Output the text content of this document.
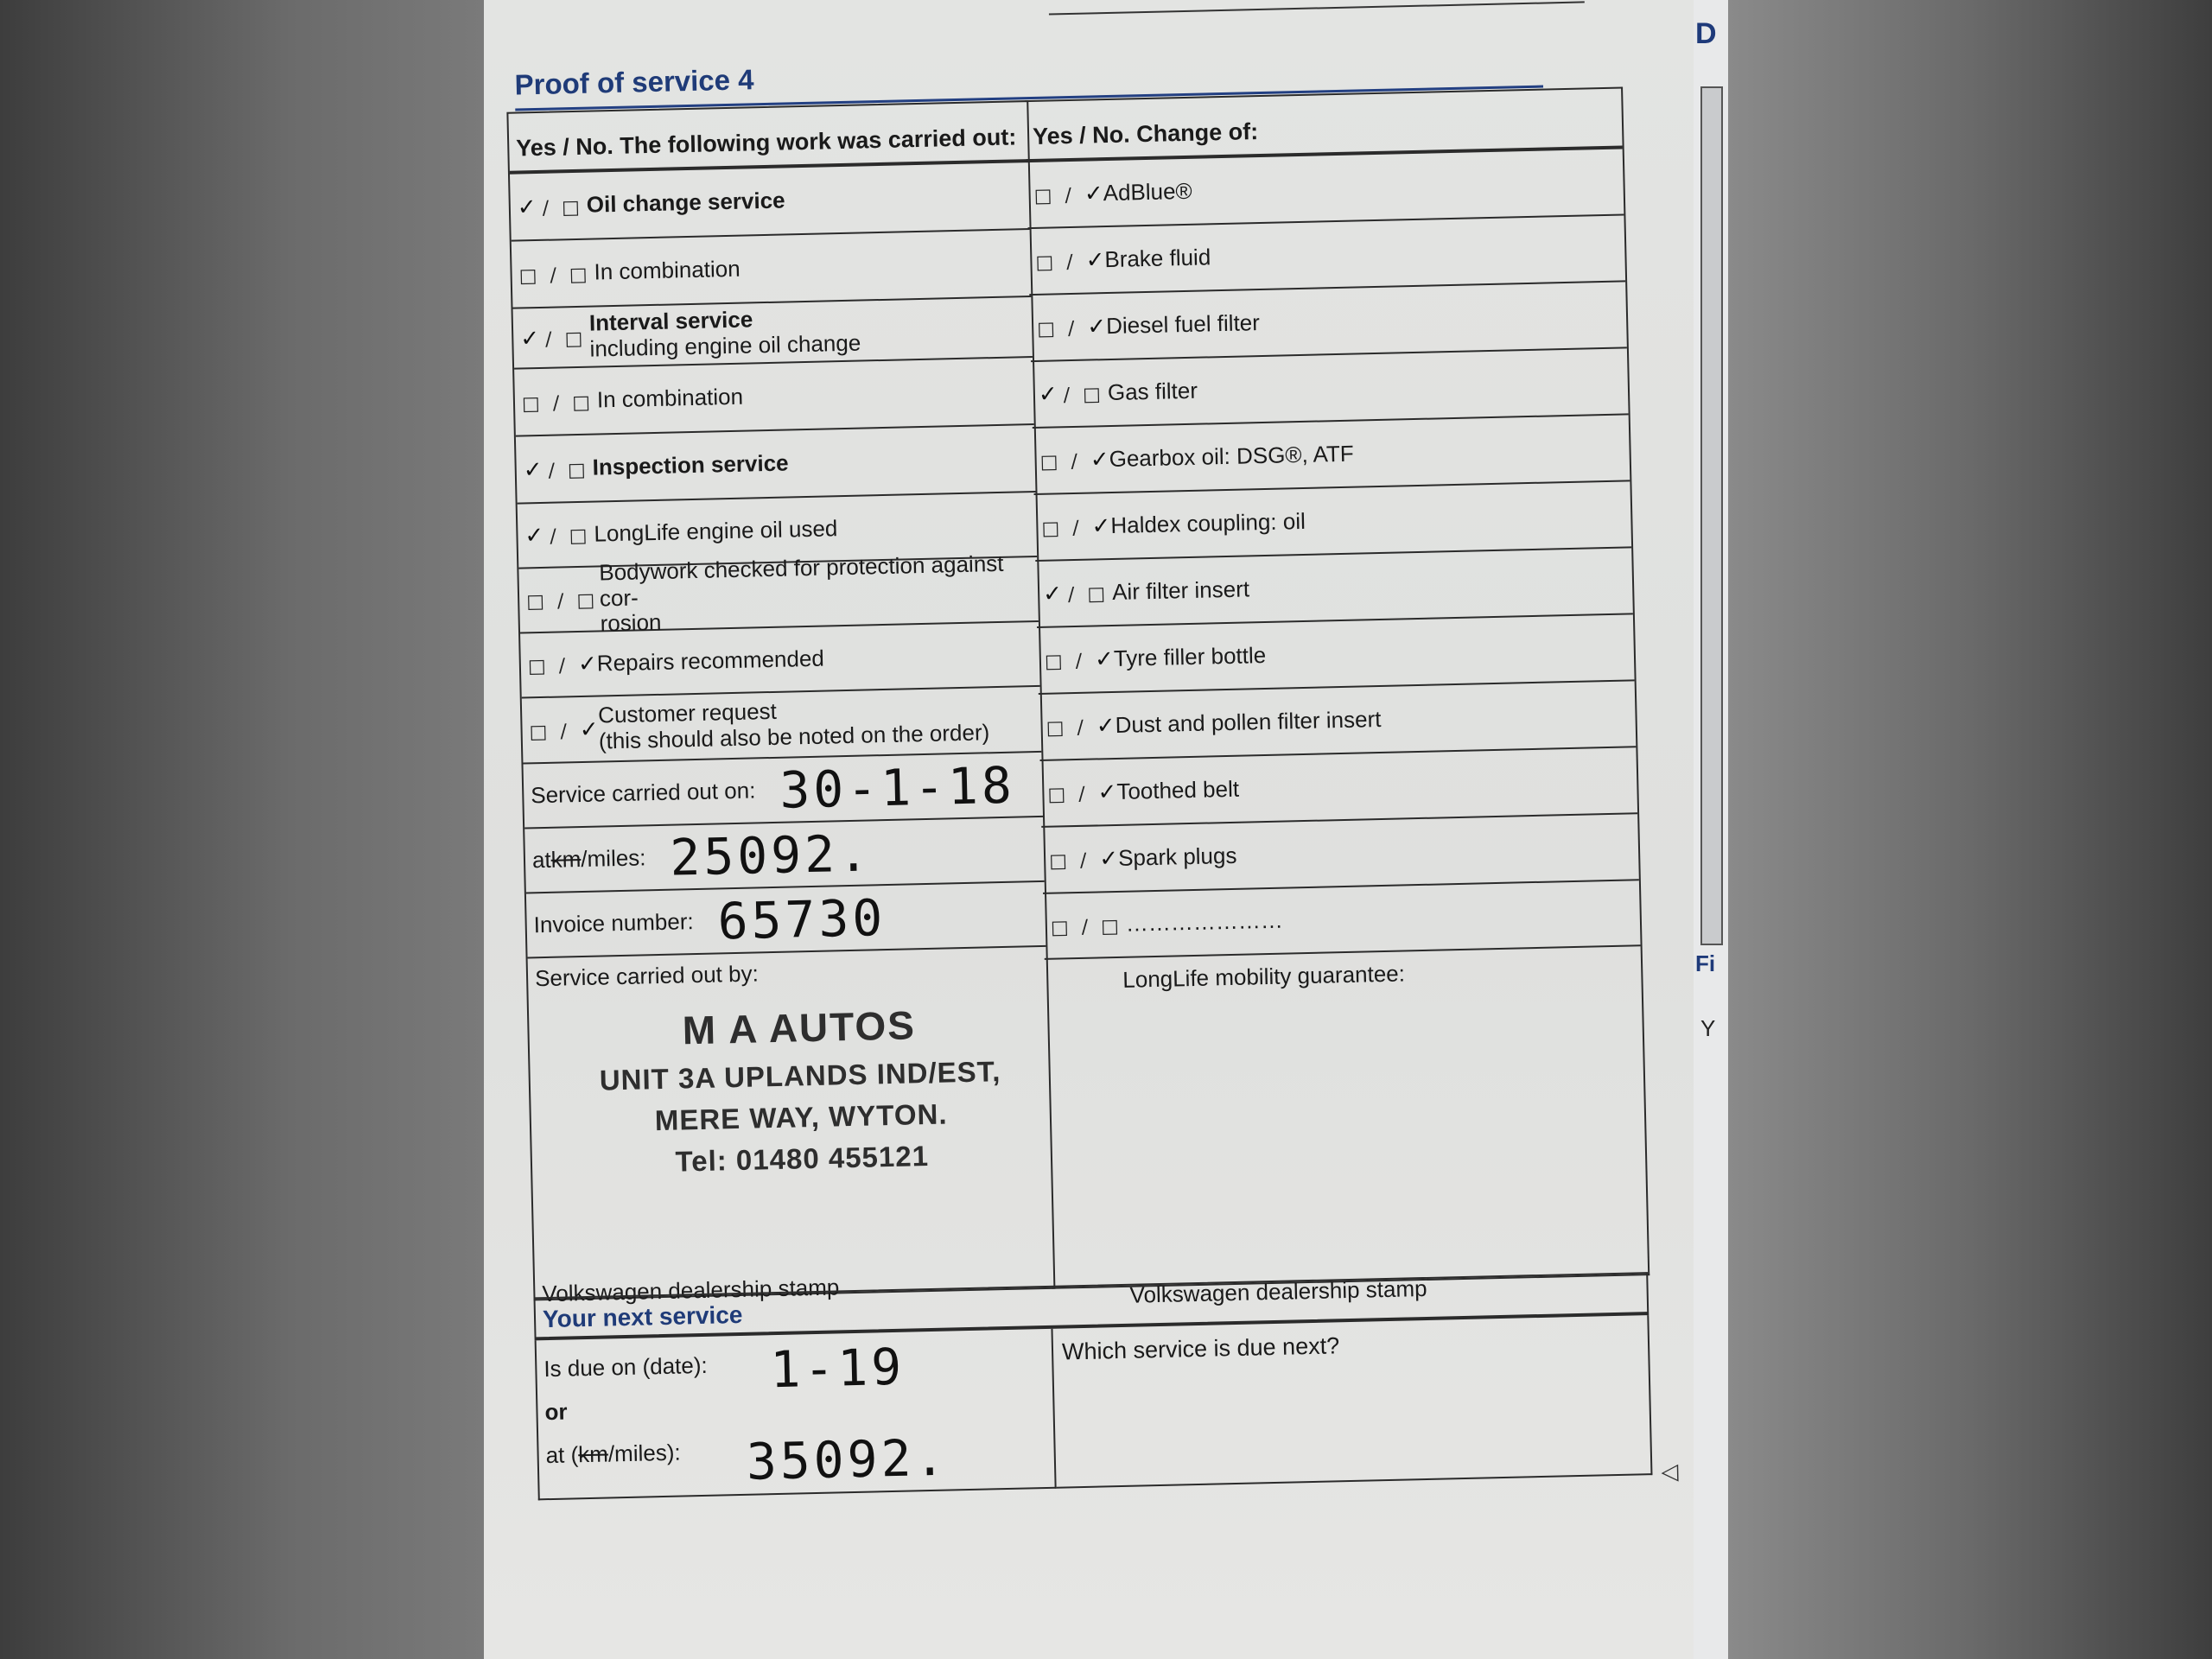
Proof of service 4
Yes / No. The following work was carried out:
✓ / □ Oil change service
□ / □ In combination
✓ / □
Interval service
including engine oil change
□ / □ In combination
✓ / □ Inspection service
✓ / □ LongLife engine oil used
□ / □
Bodywork checked for protection against cor-
rosion
□ / ✓ Repairs recommended
□ / ✓
Customer request
(this should also be noted on the order)
Service carried out on: 30-1-18
at km /miles: 25092.
Invoice number: 65730
Service carried out by:
M A AUTOS
UNIT 3A UPLANDS IND/EST,
MERE WAY, WYTON.
Tel: 01480 455121
Volkswagen dealership stamp
Yes / No. Change of:
□ / ✓ AdBlue®
□ / ✓ Brake fluid
□ / ✓ Diesel fuel filter
✓ / □ Gas filter
□ / ✓ Gearbox oil: DSG®, ATF
□ / ✓ Haldex coupling: oil
✓ / □ Air filter insert
□ / ✓ Tyre filler bottle
□ / ✓ Dust and pollen filter insert
□ / ✓ Toothed belt
□ / ✓ Spark plugs
□ / □ …………………
LongLife mobility guarantee:
Volkswagen dealership stamp
Your next service
Is due on (date): 1-19
or
at (km/miles): 35092.
Which service is due next?
◁
D
Fi
Y
